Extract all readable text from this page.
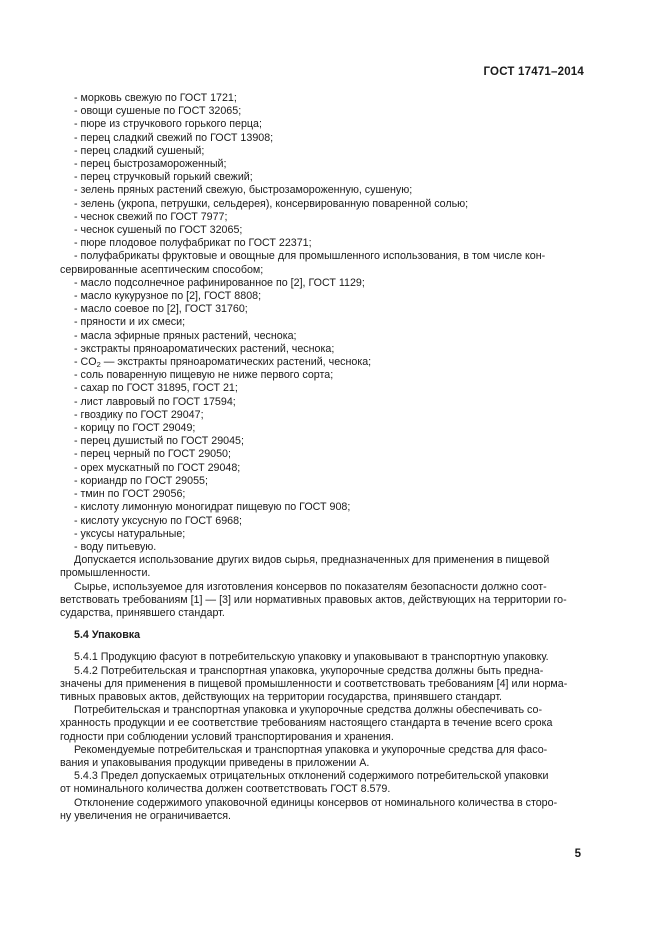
ГОСТ 17471–2014
- морковь свежую по ГОСТ 1721;
- овощи сушеные по ГОСТ 32065;
- пюре из стручкового горького перца;
- перец сладкий свежий по ГОСТ 13908;
- перец сладкий сушеный;
- перец быстрозамороженный;
- перец стручковый горький свежий;
- зелень пряных растений свежую, быстрозамороженную, сушеную;
- зелень (укропа, петрушки, сельдерея), консервированную поваренной солью;
- чеснок свежий по ГОСТ 7977;
- чеснок сушеный по ГОСТ 32065;
- пюре плодовое полуфабрикат по ГОСТ 22371;
- полуфабрикаты фруктовые и овощные для промышленного использования, в том числе кон-
сервированные асептическим способом;
- масло подсолнечное рафинированное по [2], ГОСТ 1129;
- масло кукурузное по [2], ГОСТ 8808;
- масло соевое по [2], ГОСТ 31760;
- пряности и их смеси;
- масла эфирные пряных растений, чеснока;
- экстракты пряноароматических растений, чеснока;
- $CO_2$ — экстракты пряноароматических растений, чеснока;
- соль поваренную пищевую не ниже первого сорта;
- сахар по ГОСТ 31895, ГОСТ 21;
- лист лавровый по ГОСТ 17594;
- гвоздику по ГОСТ 29047;
- корицу по ГОСТ 29049;
- перец душистый по ГОСТ 29045;
- перец черный по ГОСТ 29050;
- орех мускатный по ГОСТ 29048;
- кориандр по ГОСТ 29055;
- тмин по ГОСТ 29056;
- кислоту лимонную моногидрат пищевую по ГОСТ 908;
- кислоту уксусную по ГОСТ 6968;
- уксусы натуральные;
- воду питьевую.
Допускается использование других видов сырья, предназначенных для применения в пищевой
промышленности.
Сырье, используемое для изготовления консервов по показателям безопасности должно соот-
ветствовать требованиям [1] — [3] или нормативных правовых актов, действующих на территории го-
сударства, принявшего стандарт.
5.4 Упаковка
5.4.1 Продукцию фасуют в потребительскую упаковку и упаковывают в транспортную упаковку.
5.4.2 Потребительская и транспортная упаковка, укупорочные средства должны быть предна-
значены для применения в пищевой промышленности и соответствовать требованиям [4] или норма-
тивных правовых актов, действующих на территории государства, принявшего стандарт.
Потребительская и транспортная упаковка и укупорочные средства должны обеспечивать со-
хранность продукции и ее соответствие требованиям настоящего стандарта в течение всего срока
годности при соблюдении условий транспортирования и хранения.
Рекомендуемые потребительская и транспортная упаковка и укупорочные средства для фасо-
вания и упаковывания продукции приведены в приложении А.
5.4.3 Предел допускаемых отрицательных отклонений содержимого потребительской упаковки
от номинального количества должен соответствовать ГОСТ 8.579.
Отклонение содержимого упаковочной единицы консервов от номинального количества в сторо-
ну увеличения не ограничивается.
5
